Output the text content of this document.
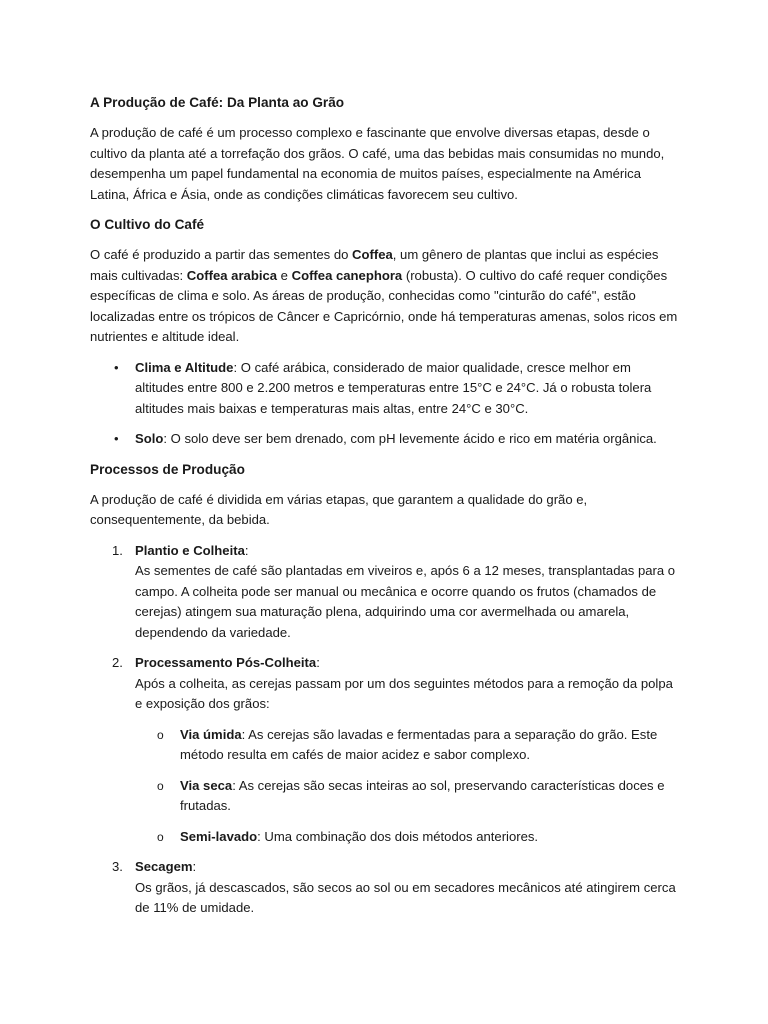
A Produção de Café: Da Planta ao Grão

A produção de café é um processo complexo e fascinante que envolve diversas etapas, desde o cultivo da planta até a torrefação dos grãos. O café, uma das bebidas mais consumidas no mundo, desempenha um papel fundamental na economia de muitos países, especialmente na América Latina, África e Ásia, onde as condições climáticas favorecem seu cultivo.

O Cultivo do Café

O café é produzido a partir das sementes do Coffea, um gênero de plantas que inclui as espécies mais cultivadas: Coffea arabica e Coffea canephora (robusta). O cultivo do café requer condições específicas de clima e solo. As áreas de produção, conhecidas como "cinturão do café", estão localizadas entre os trópicos de Câncer e Capricórnio, onde há temperaturas amenas, solos ricos em nutrientes e altitude ideal.

• Clima e Altitude: O café arábica, considerado de maior qualidade, cresce melhor em altitudes entre 800 e 2.200 metros e temperaturas entre 15°C e 24°C. Já o robusta tolera altitudes mais baixas e temperaturas mais altas, entre 24°C e 30°C.
• Solo: O solo deve ser bem drenado, com pH levemente ácido e rico em matéria orgânica.
Processos de Produção

A produção de café é dividida em várias etapas, que garantem a qualidade do grão e, consequentemente, da bebida.

1. Plantio e Colheita:
As sementes de café são plantadas em viveiros e, após 6 a 12 meses, transplantadas para o campo. A colheita pode ser manual ou mecânica e ocorre quando os frutos (chamados de cerejas) atingem sua maturação plena, adquirindo uma cor avermelhada ou amarela, dependendo da variedade.
2. Processamento Pós-Colheita:
Após a colheita, as cerejas passam por um dos seguintes métodos para a remoção da polpa e exposição dos grãos:
o Via úmida: As cerejas são lavadas e fermentadas para a separação do grão. Este método resulta em cafés de maior acidez e sabor complexo.
o Via seca: As cerejas são secas inteiras ao sol, preservando características doces e frutadas.
o Semi-lavado: Uma combinação dos dois métodos anteriores.
3. Secagem:
Os grãos, já descascados, são secos ao sol ou em secadores mecânicos até atingirem cerca de 11% de umidade.
